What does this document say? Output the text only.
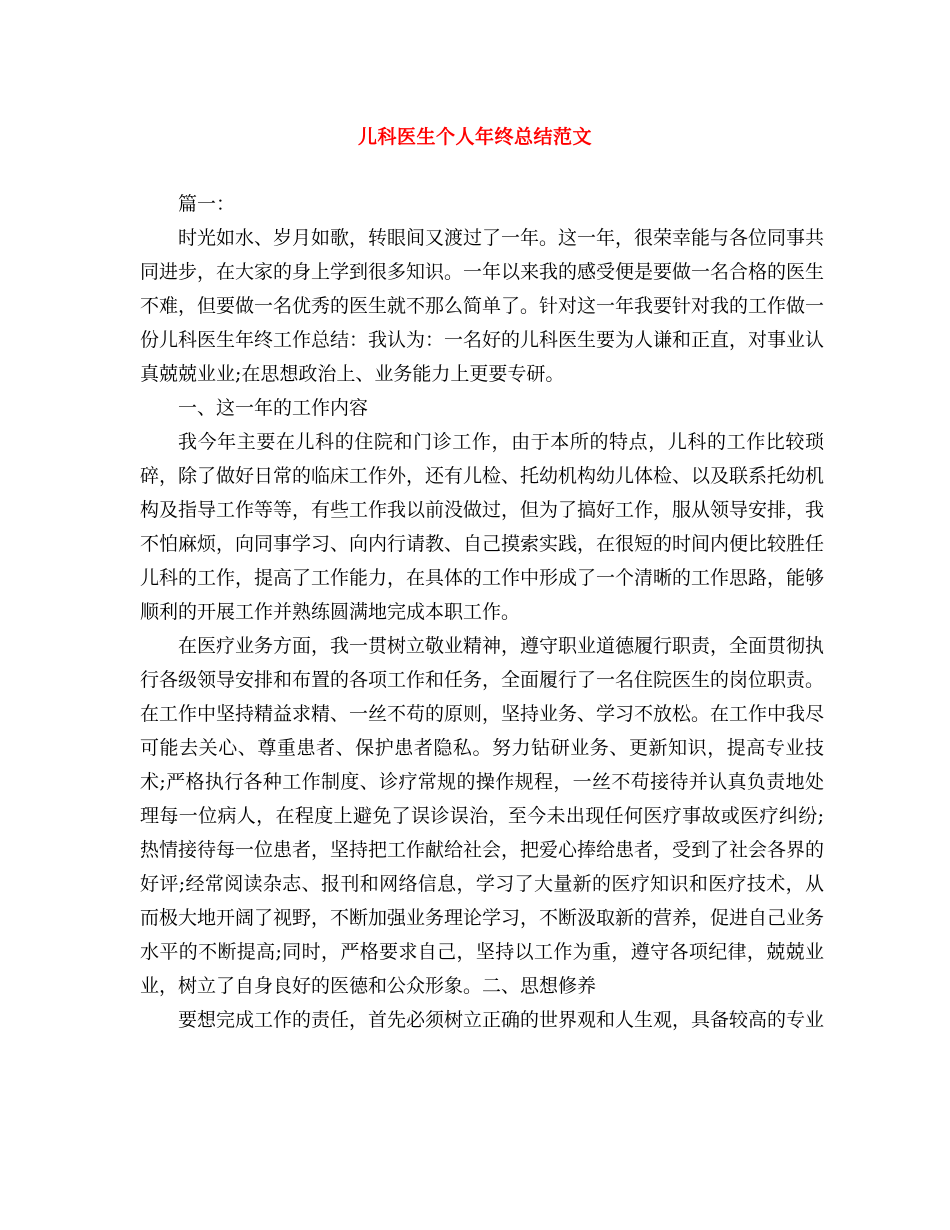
儿科医生个人年终总结范文

篇一：

时光如水、岁月如歌，转眼间又渡过了一年。这一年，很荣幸能与各位同事共同进步，在大家的身上学到很多知识。一年以来我的感受便是要做一名合格的医生不难，但要做一名优秀的医生就不那么简单了。针对这一年我要针对我的工作做一份儿科医生年终工作总结：我认为：一名好的儿科医生要为人谦和正直，对事业认真兢兢业业;在思想政治上、业务能力上更要专研。

一、这一年的工作内容

我今年主要在儿科的住院和门诊工作，由于本所的特点，儿科的工作比较琐碎，除了做好日常的临床工作外，还有儿检、托幼机构幼儿体检、以及联系托幼机构及指导工作等等，有些工作我以前没做过，但为了搞好工作，服从领导安排，我不怕麻烦，向同事学习、向内行请教、自己摸索实践，在很短的时间内便比较胜任儿科的工作，提高了工作能力，在具体的工作中形成了一个清晰的工作思路，能够顺利的开展工作并熟练圆满地完成本职工作。

在医疗业务方面，我一贯树立敬业精神，遵守职业道德履行职责，全面贯彻执行各级领导安排和布置的各项工作和任务，全面履行了一名住院医生的岗位职责。在工作中坚持精益求精、一丝不苟的原则，坚持业务、学习不放松。在工作中我尽可能去关心、尊重患者、保护患者隐私。努力钻研业务、更新知识，提高专业技术;严格执行各种工作制度、诊疗常规的操作规程，一丝不苟接待并认真负责地处理每一位病人，在程度上避免了误诊误治，至今未出现任何医疗事故或医疗纠纷;热情接待每一位患者，坚持把工作献给社会，把爱心捧给患者，受到了社会各界的好评;经常阅读杂志、报刊和网络信息，学习了大量新的医疗知识和医疗技术，从而极大地开阔了视野，不断加强业务理论学习，不断汲取新的营养，促进自己业务水平的不断提高;同时，严格要求自己，坚持以工作为重，遵守各项纪律，兢兢业业，树立了自身良好的医德和公众形象。二、思想修养

要想完成工作的责任，首先必须树立正确的世界观和人生观，具备较高的专业
